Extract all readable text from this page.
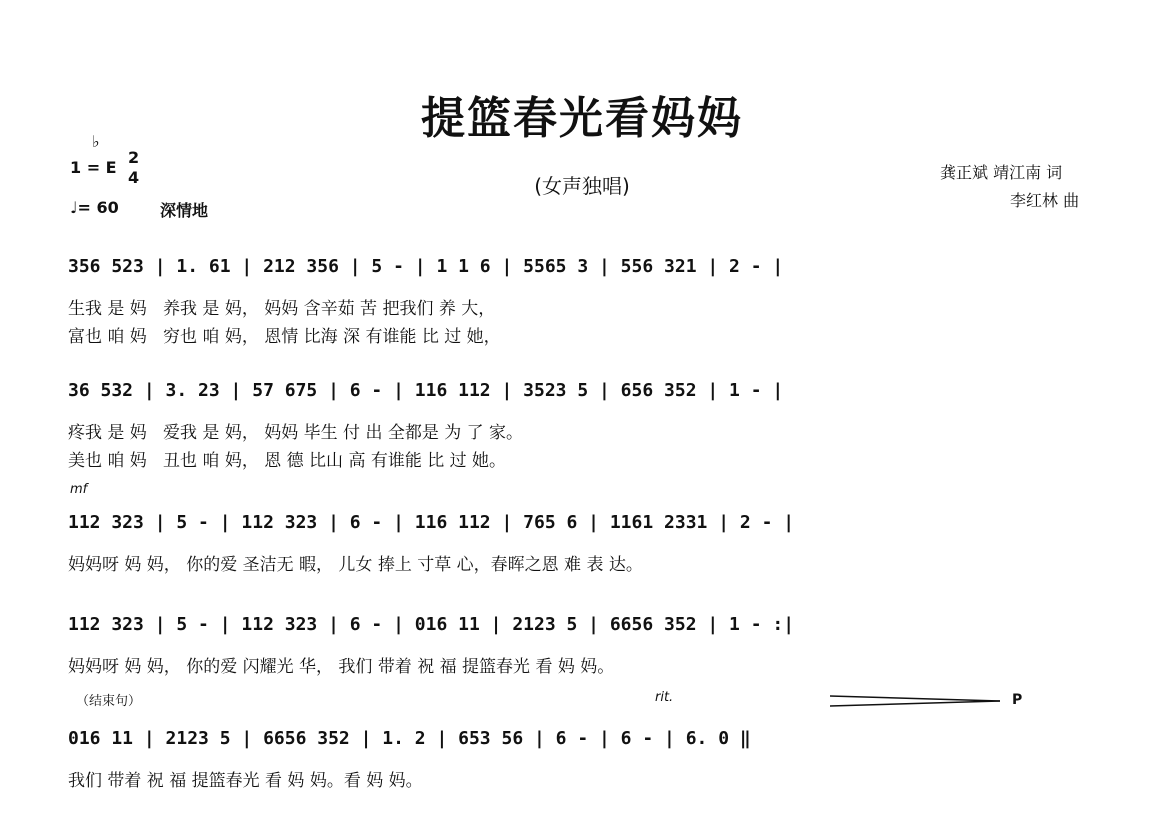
提篮春光看妈妈
(女声独唱)
♭
1 = E
2
4
♩= 60	深情地
龚正斌 靖江南 词
李红林 曲
356 523 | 1. 61 | 212 356 | 5 - | 1 1 6 | 5565 3 | 556 321 | 2 - |
生我 是 妈   养我 是 妈， 妈妈 含辛茹 苦 把我们 养 大，
富也 咱 妈   穷也 咱 妈， 恩情 比海 深 有谁能 比 过 她，
36 532 | 3. 23 | 57 675 | 6 - | 116 112 | 3523 5 | 656 352 | 1 - |
疼我 是 妈   爱我 是 妈， 妈妈 毕生 付 出 全都是 为 了 家。
美也 咱 妈   丑也 咱 妈， 恩 德 比山 高 有谁能 比 过 她。
mf
112 323 | 5 - | 112 323 | 6 - | 116 112 | 765 6 | 1161 2331 | 2 - |
妈妈呀 妈 妈， 你的爱 圣洁无 暇， 儿女 捧上 寸草 心，春晖之恩 难 表 达。
112 323 | 5 - | 112 323 | 6 - | 016 11 | 2123 5 | 6656 352 | 1 - :|
妈妈呀 妈 妈， 你的爱 闪耀光 华， 我们 带着 祝 福 提篮春光 看 妈 妈。
（结束句）	rit.	P
016 11 | 2123 5 | 6656 352 | 1. 2 | 653 56 | 6 - | 6 - | 6. 0 ‖
我们 带着 祝 福 提篮春光 看 妈 妈。看 妈 妈。
